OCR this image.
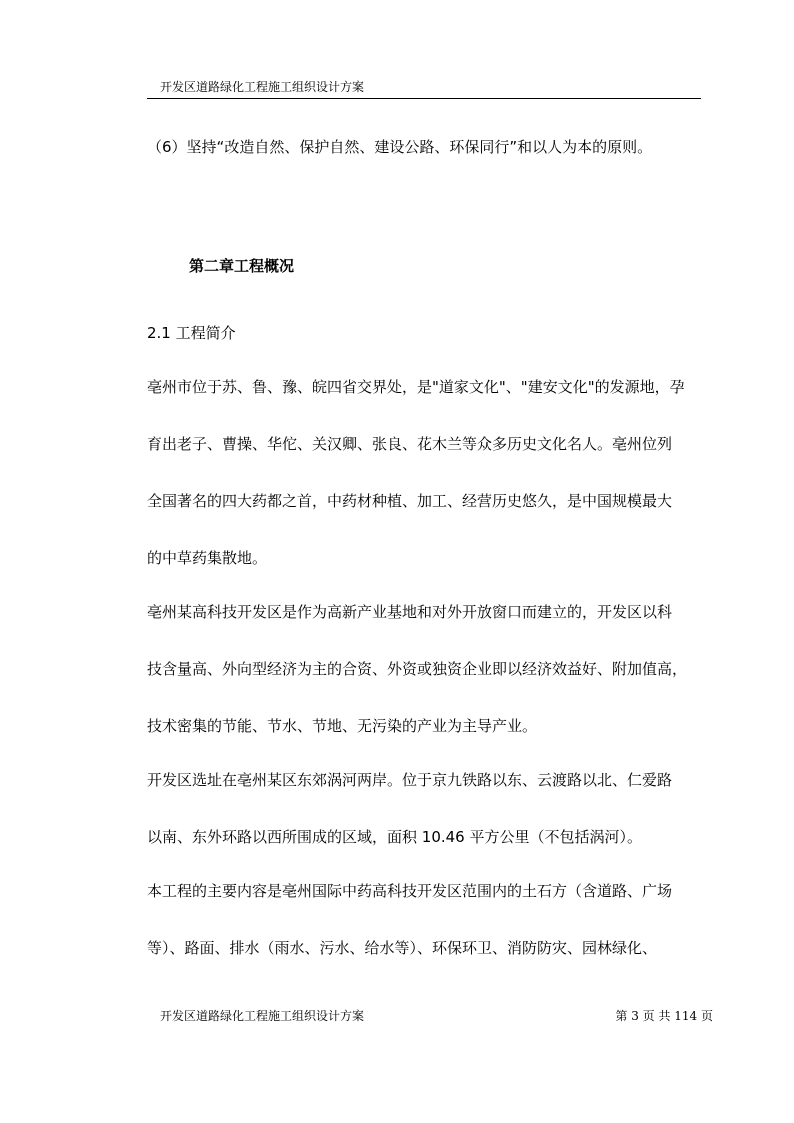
开发区道路绿化工程施工组织设计方案
（6）坚持“改造自然、保护自然、建设公路、环保同行”和以人为本的原则。
第二章工程概况
2.1 工程简介
亳州市位于苏、鲁、豫、皖四省交界处，是"道家文化"、"建安文化"的发源地，孕
育出老子、曹操、华佗、关汉卿、张良、花木兰等众多历史文化名人。亳州位列
全国著名的四大药都之首，中药材种植、加工、经营历史悠久，是中国规模最大
的中草药集散地。
亳州某高科技开发区是作为高新产业基地和对外开放窗口而建立的，开发区以科
技含量高、外向型经济为主的合资、外资或独资企业即以经济效益好、附加值高，
技术密集的节能、节水、节地、无污染的产业为主导产业。
开发区选址在亳州某区东郊涡河两岸。位于京九铁路以东、云渡路以北、仁爱路
以南、东外环路以西所围成的区域，面积 10.46 平方公里（不包括涡河）。
本工程的主要内容是亳州国际中药高科技开发区范围内的土石方（含道路、广场
等）、路面、排水（雨水、污水、给水等）、环保环卫、消防防灾、园林绿化、
开发区道路绿化工程施工组织设计方案	第 3 页 共 114 页
